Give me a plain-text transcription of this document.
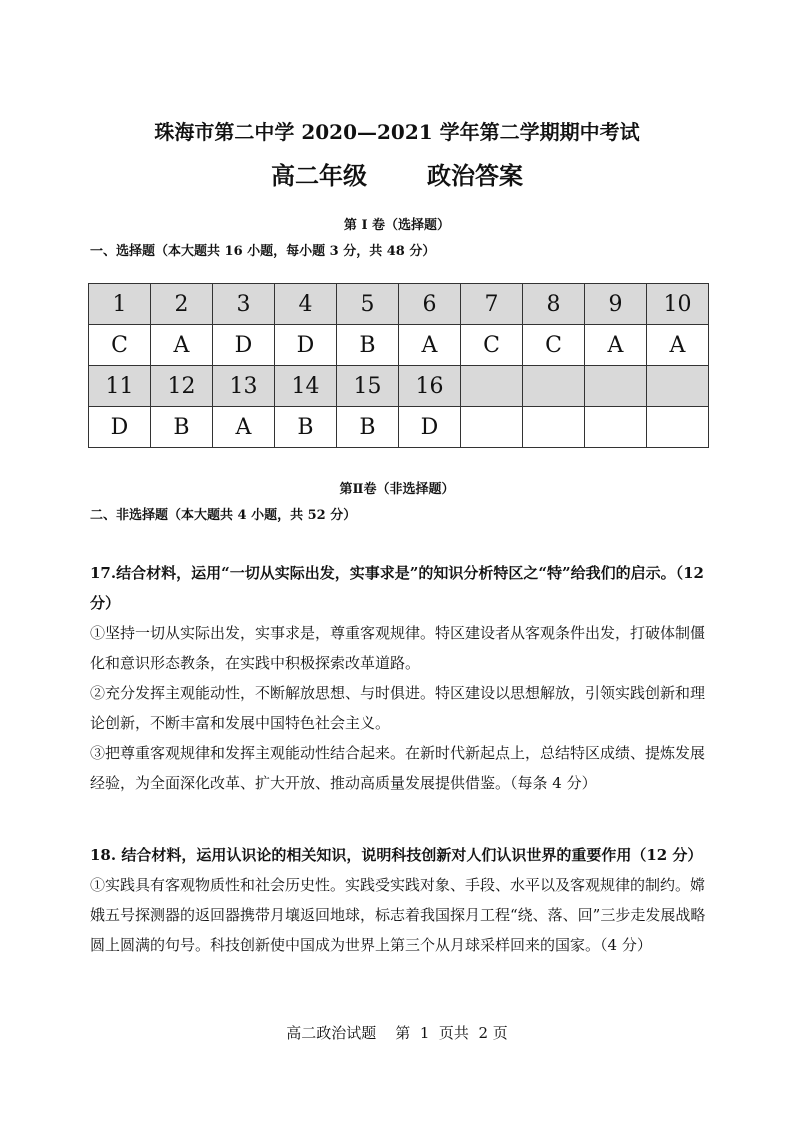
珠海市第二中学 2020—2021 学年第二学期期中考试
高二年级	政治答案
第 I 卷（选择题）
一、选择题（本大题共 16 小题，每小题 3 分，共 48 分）
1	2	3	4	5	6	7	8	9	10
C	A	D	D	B	A	C	C	A	A
11	12	13	14	15	16				
D	B	A	B	B	D				
第Ⅱ卷（非选择题）
二、非选择题（本大题共 4 小题，共 52 分）

17.结合材料，运用“一切从实际出发，实事求是”的知识分析特区之“特”给我们的启示。（12 分）

①坚持一切从实际出发，实事求是，尊重客观规律。特区建设者从客观条件出发，打破体制僵化和意识形态教条，在实践中积极探索改革道路。

②充分发挥主观能动性，不断解放思想、与时俱进。特区建设以思想解放，引领实践创新和理论创新，不断丰富和发展中国特色社会主义。

③把尊重客观规律和发挥主观能动性结合起来。在新时代新起点上，总结特区成绩、提炼发展经验，为全面深化改革、扩大开放、推动高质量发展提供借鉴。（每条 4 分）

18. 结合材料，运用认识论的相关知识，说明科技创新对人们认识世界的重要作用（12 分）

①实践具有客观物质性和社会历史性。实践受实践对象、手段、水平以及客观规律的制约。嫦娥五号探测器的返回器携带月壤返回地球，标志着我国探月工程“绕、落、回”三步走发展战略圆上圆满的句号。科技创新使中国成为世界上第三个从月球采样回来的国家。（4 分）

高二政治试题    第  1  页共  2 页
